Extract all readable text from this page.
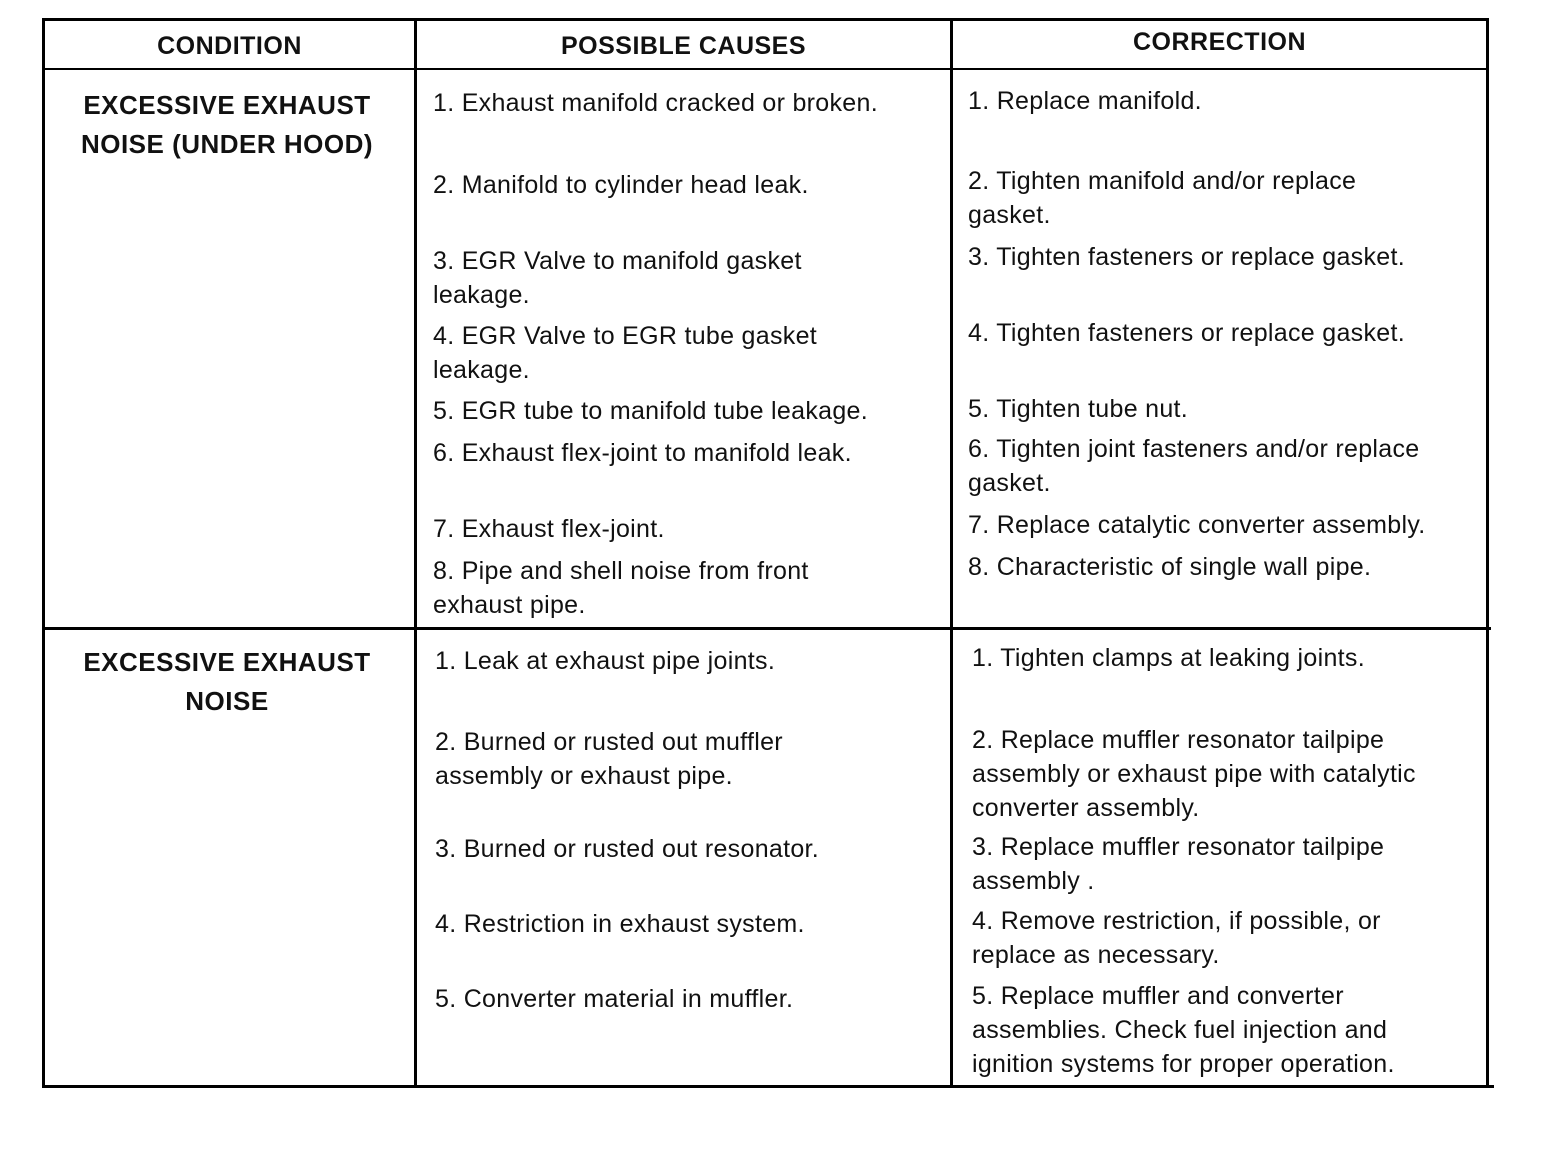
CONDITION	POSSIBLE CAUSES	CORRECTION
EXCESSIVE EXHAUST NOISE (UNDER HOOD)
1. Exhaust manifold cracked or broken.
2. Manifold to cylinder head leak.
3. EGR Valve to manifold gasket leakage.
4. EGR Valve to EGR tube gasket leakage.
5. EGR tube to manifold tube leakage.
6. Exhaust flex-joint to manifold leak.
7. Exhaust flex-joint.
8. Pipe and shell noise from front exhaust pipe.
1. Replace manifold.
2. Tighten manifold and/or replace gasket.
3. Tighten fasteners or replace gasket.
4. Tighten fasteners or replace gasket.
5. Tighten tube nut.
6. Tighten joint fasteners and/or replace gasket.
7. Replace catalytic converter assembly.
8. Characteristic of single wall pipe.
EXCESSIVE EXHAUST NOISE
1. Leak at exhaust pipe joints.
2. Burned or rusted out muffler assembly or exhaust pipe.
3. Burned or rusted out resonator.
4. Restriction in exhaust system.
5. Converter material in muffler.
1. Tighten clamps at leaking joints.
2. Replace muffler resonator tailpipe assembly or exhaust pipe with catalytic converter assembly.
3. Replace muffler resonator tailpipe assembly .
4. Remove restriction, if possible, or replace as necessary.
5. Replace muffler and converter assemblies. Check fuel injection and ignition systems for proper operation.
